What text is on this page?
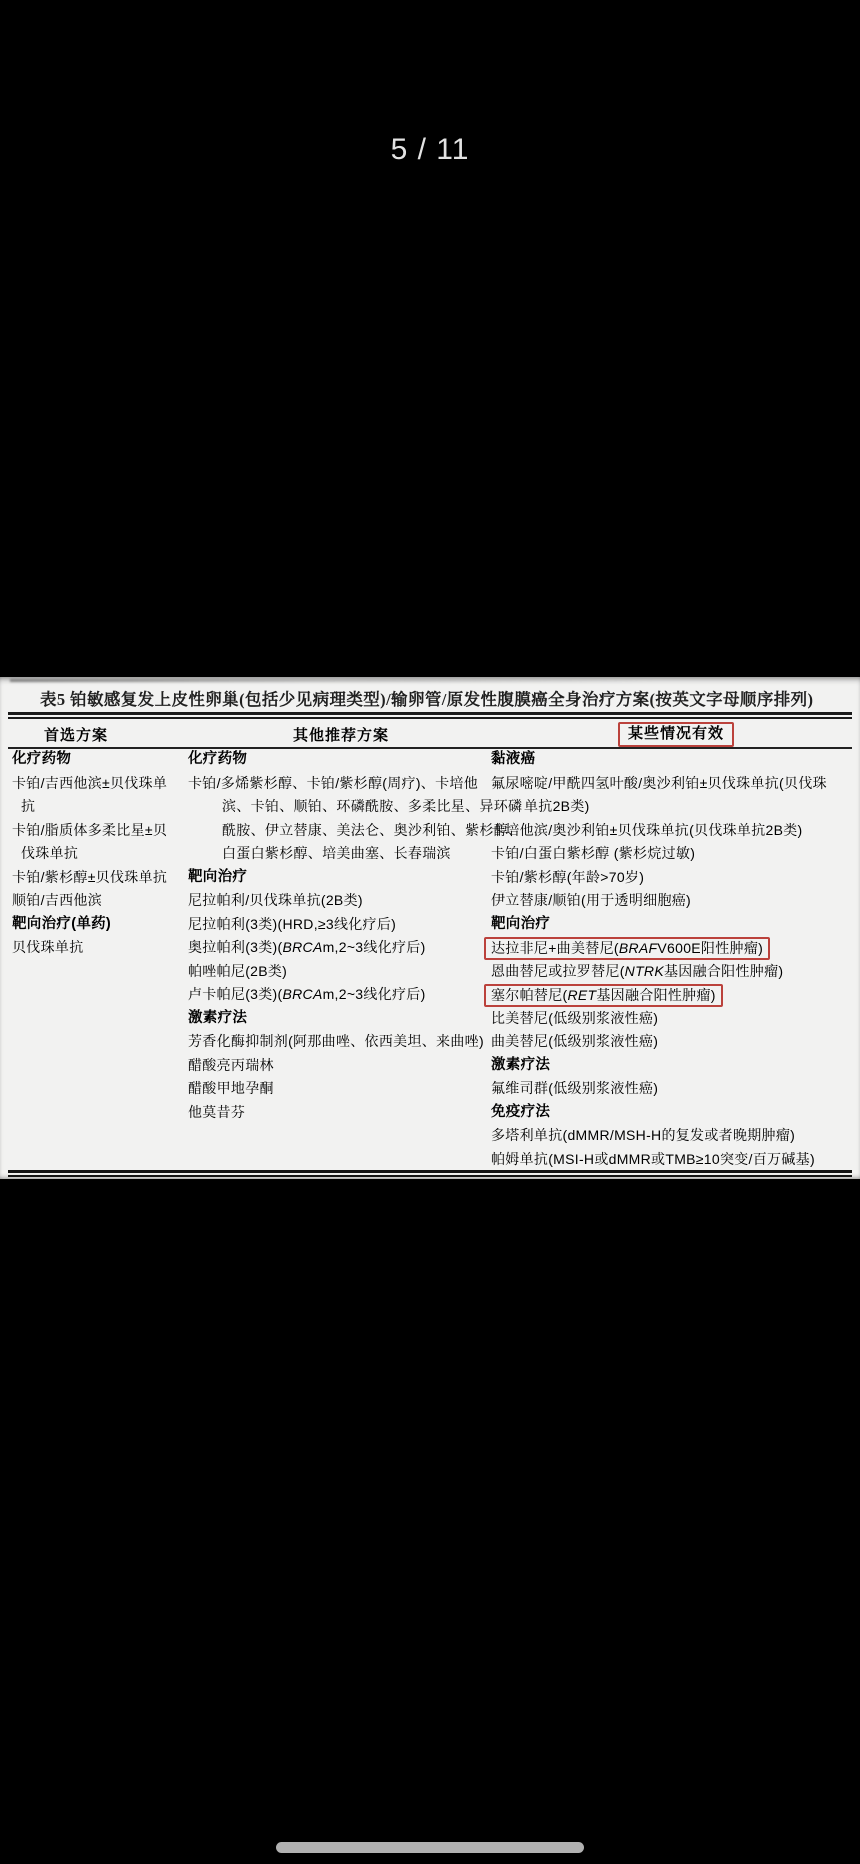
5 / 11
表5 铂敏感复发上皮性卵巢(包括少见病理类型)/输卵管/原发性腹膜癌全身治疗方案(按英文字母顺序排列)
首选方案	其他推荐方案	某些情况有效
化疗药物
卡铂/吉西他滨±贝伐珠单
抗
卡铂/脂质体多柔比星±贝
伐珠单抗
卡铂/紫杉醇±贝伐珠单抗
顺铂/吉西他滨
靶向治疗(单药)
贝伐珠单抗
化疗药物
卡铂/多烯紫杉醇、卡铂/紫杉醇(周疗)、卡培他
滨、卡铂、顺铂、环磷酰胺、多柔比星、异环磷
酰胺、伊立替康、美法仑、奥沙利铂、紫杉醇、
白蛋白紫杉醇、培美曲塞、长春瑞滨
靶向治疗
尼拉帕利/贝伐珠单抗(2B类)
尼拉帕利(3类)(HRD,≥3线化疗后)
奥拉帕利(3类)(BRCAm,2~3线化疗后)
帕唑帕尼(2B类)
卢卡帕尼(3类)(BRCAm,2~3线化疗后)
激素疗法
芳香化酶抑制剂(阿那曲唑、依西美坦、来曲唑)
醋酸亮丙瑞林
醋酸甲地孕酮
他莫昔芬
黏液癌
氟尿嘧啶/甲酰四氢叶酸/奥沙利铂±贝伐珠单抗(贝伐珠
单抗2B类)
卡培他滨/奥沙利铂±贝伐珠单抗(贝伐珠单抗2B类)
卡铂/白蛋白紫杉醇 (紫杉烷过敏)
卡铂/紫杉醇(年龄>70岁)
伊立替康/顺铂(用于透明细胞癌)
靶向治疗
达拉非尼+曲美替尼(BRAFV600E阳性肿瘤)
恩曲替尼或拉罗替尼(NTRK基因融合阳性肿瘤)
塞尔帕替尼(RET基因融合阳性肿瘤)
比美替尼(低级别浆液性癌)
曲美替尼(低级别浆液性癌)
激素疗法
氟维司群(低级别浆液性癌)
免疫疗法
多塔利单抗(dMMR/MSH-H的复发或者晚期肿瘤)
帕姆单抗(MSI-H或dMMR或TMB≥10突变/百万碱基)
